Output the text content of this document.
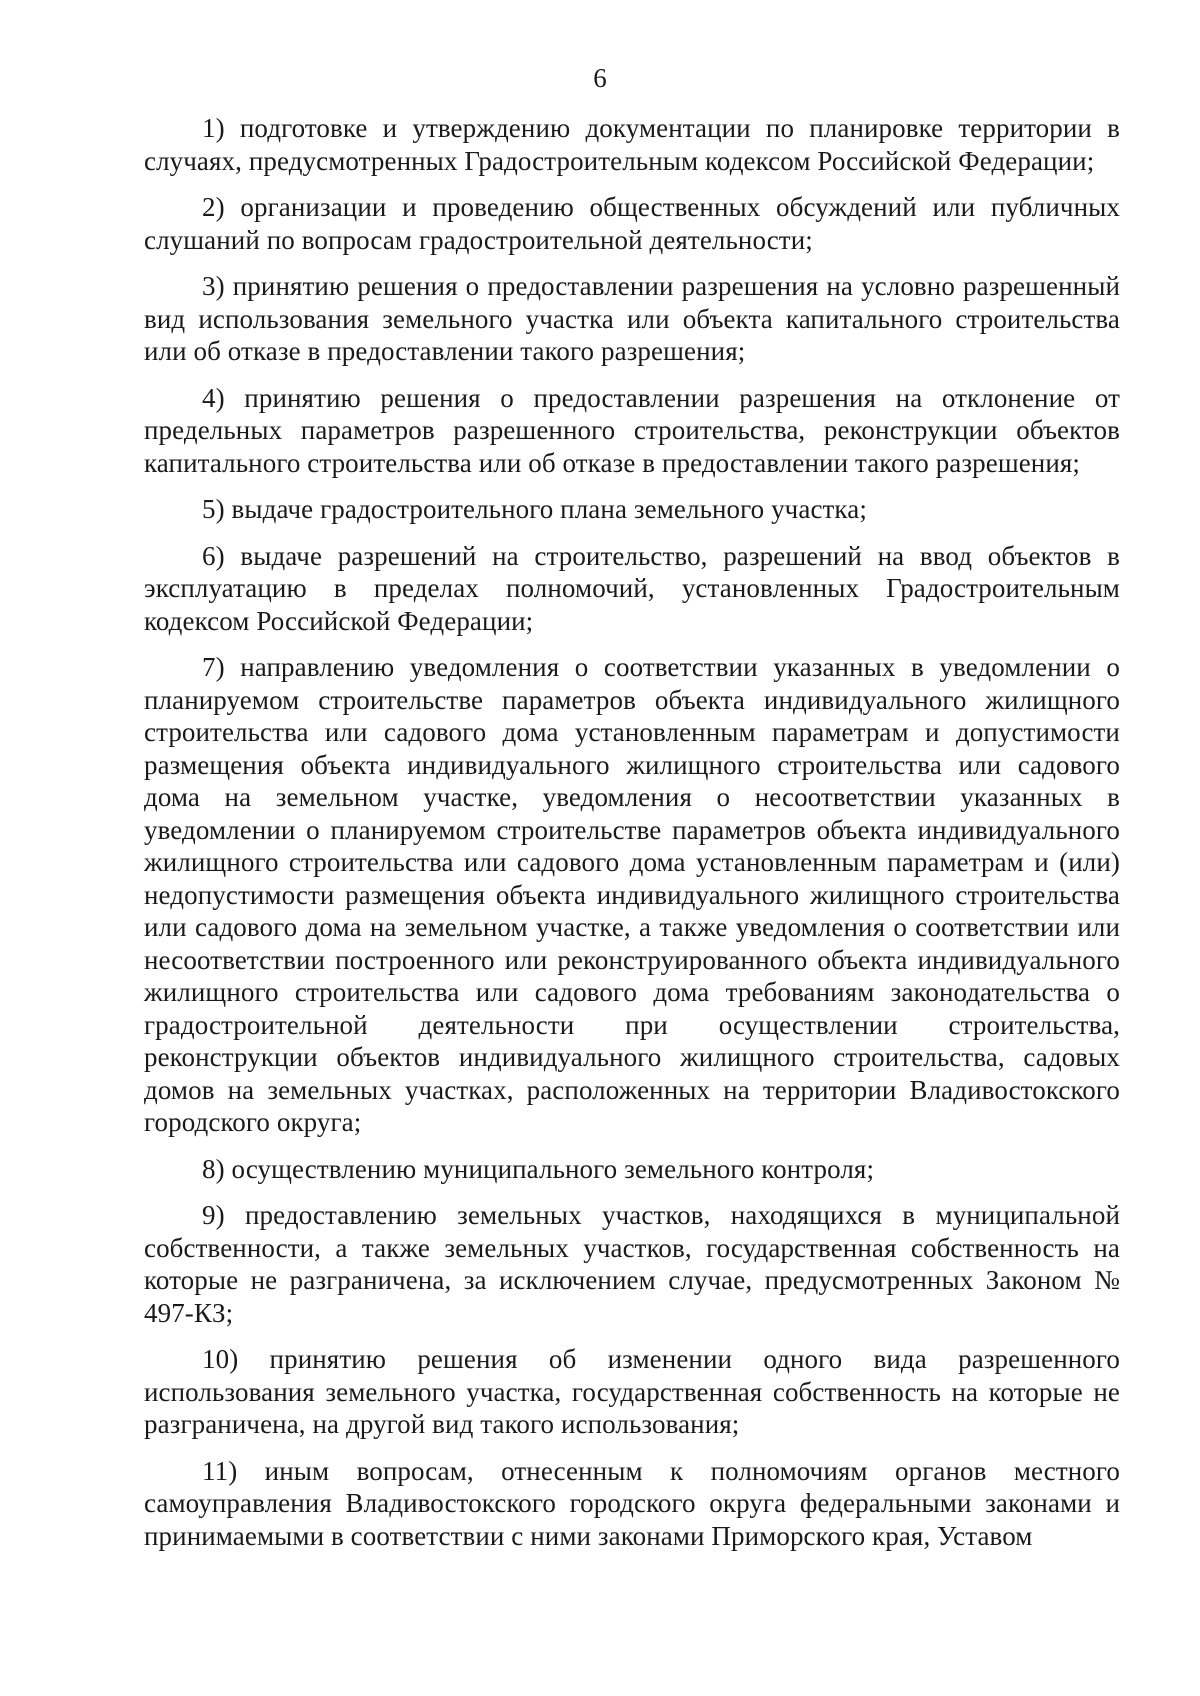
6

1) подготовке и утверждению документации по планировке территории в случаях, предусмотренных Градостроительным кодексом Российской Федерации;

2) организации и проведению общественных обсуждений или публичных слушаний по вопросам градостроительной деятельности;

3) принятию решения о предоставлении разрешения на условно разрешенный вид использования земельного участка или объекта капитального строительства или об отказе в предоставлении такого разрешения;

4) принятию решения о предоставлении разрешения на отклонение от предельных параметров разрешенного строительства, реконструкции объектов капитального строительства или об отказе в предоставлении такого разрешения;

5) выдаче градостроительного плана земельного участка;

6) выдаче разрешений на строительство, разрешений на ввод объектов в эксплуатацию в пределах полномочий, установленных Градостроительным кодексом Российской Федерации;

7) направлению уведомления о соответствии указанных в уведомлении о планируемом строительстве параметров объекта индивидуального жилищного строительства или садового дома установленным параметрам и допустимости размещения объекта индивидуального жилищного строительства или садового дома на земельном участке, уведомления о несоответствии указанных в уведомлении о планируемом строительстве параметров объекта индивидуального жилищного строительства или садового дома установленным параметрам и (или) недопустимости размещения объекта индивидуального жилищного строительства или садового дома на земельном участке, а также уведомления о соответствии или несоответствии построенного или реконструированного объекта индивидуального жилищного строительства или садового дома требованиям законодательства о градостроительной деятельности при осуществлении строительства, реконструкции объектов индивидуального жилищного строительства, садовых домов на земельных участках, расположенных на территории Владивостокского городского округа;

8) осуществлению муниципального земельного контроля;

9) предоставлению земельных участков, находящихся в муниципальной собственности, а также земельных участков, государственная собственность на которые не разграничена, за исключением случае, предусмотренных Законом № 497-КЗ;

10) принятию решения об изменении одного вида разрешенного использования земельного участка, государственная собственность на которые не разграничена, на другой вид такого использования;

11) иным вопросам, отнесенным к полномочиям органов местного самоуправления Владивостокского городского округа федеральными законами и принимаемыми в соответствии с ними законами Приморского края, Уставом
